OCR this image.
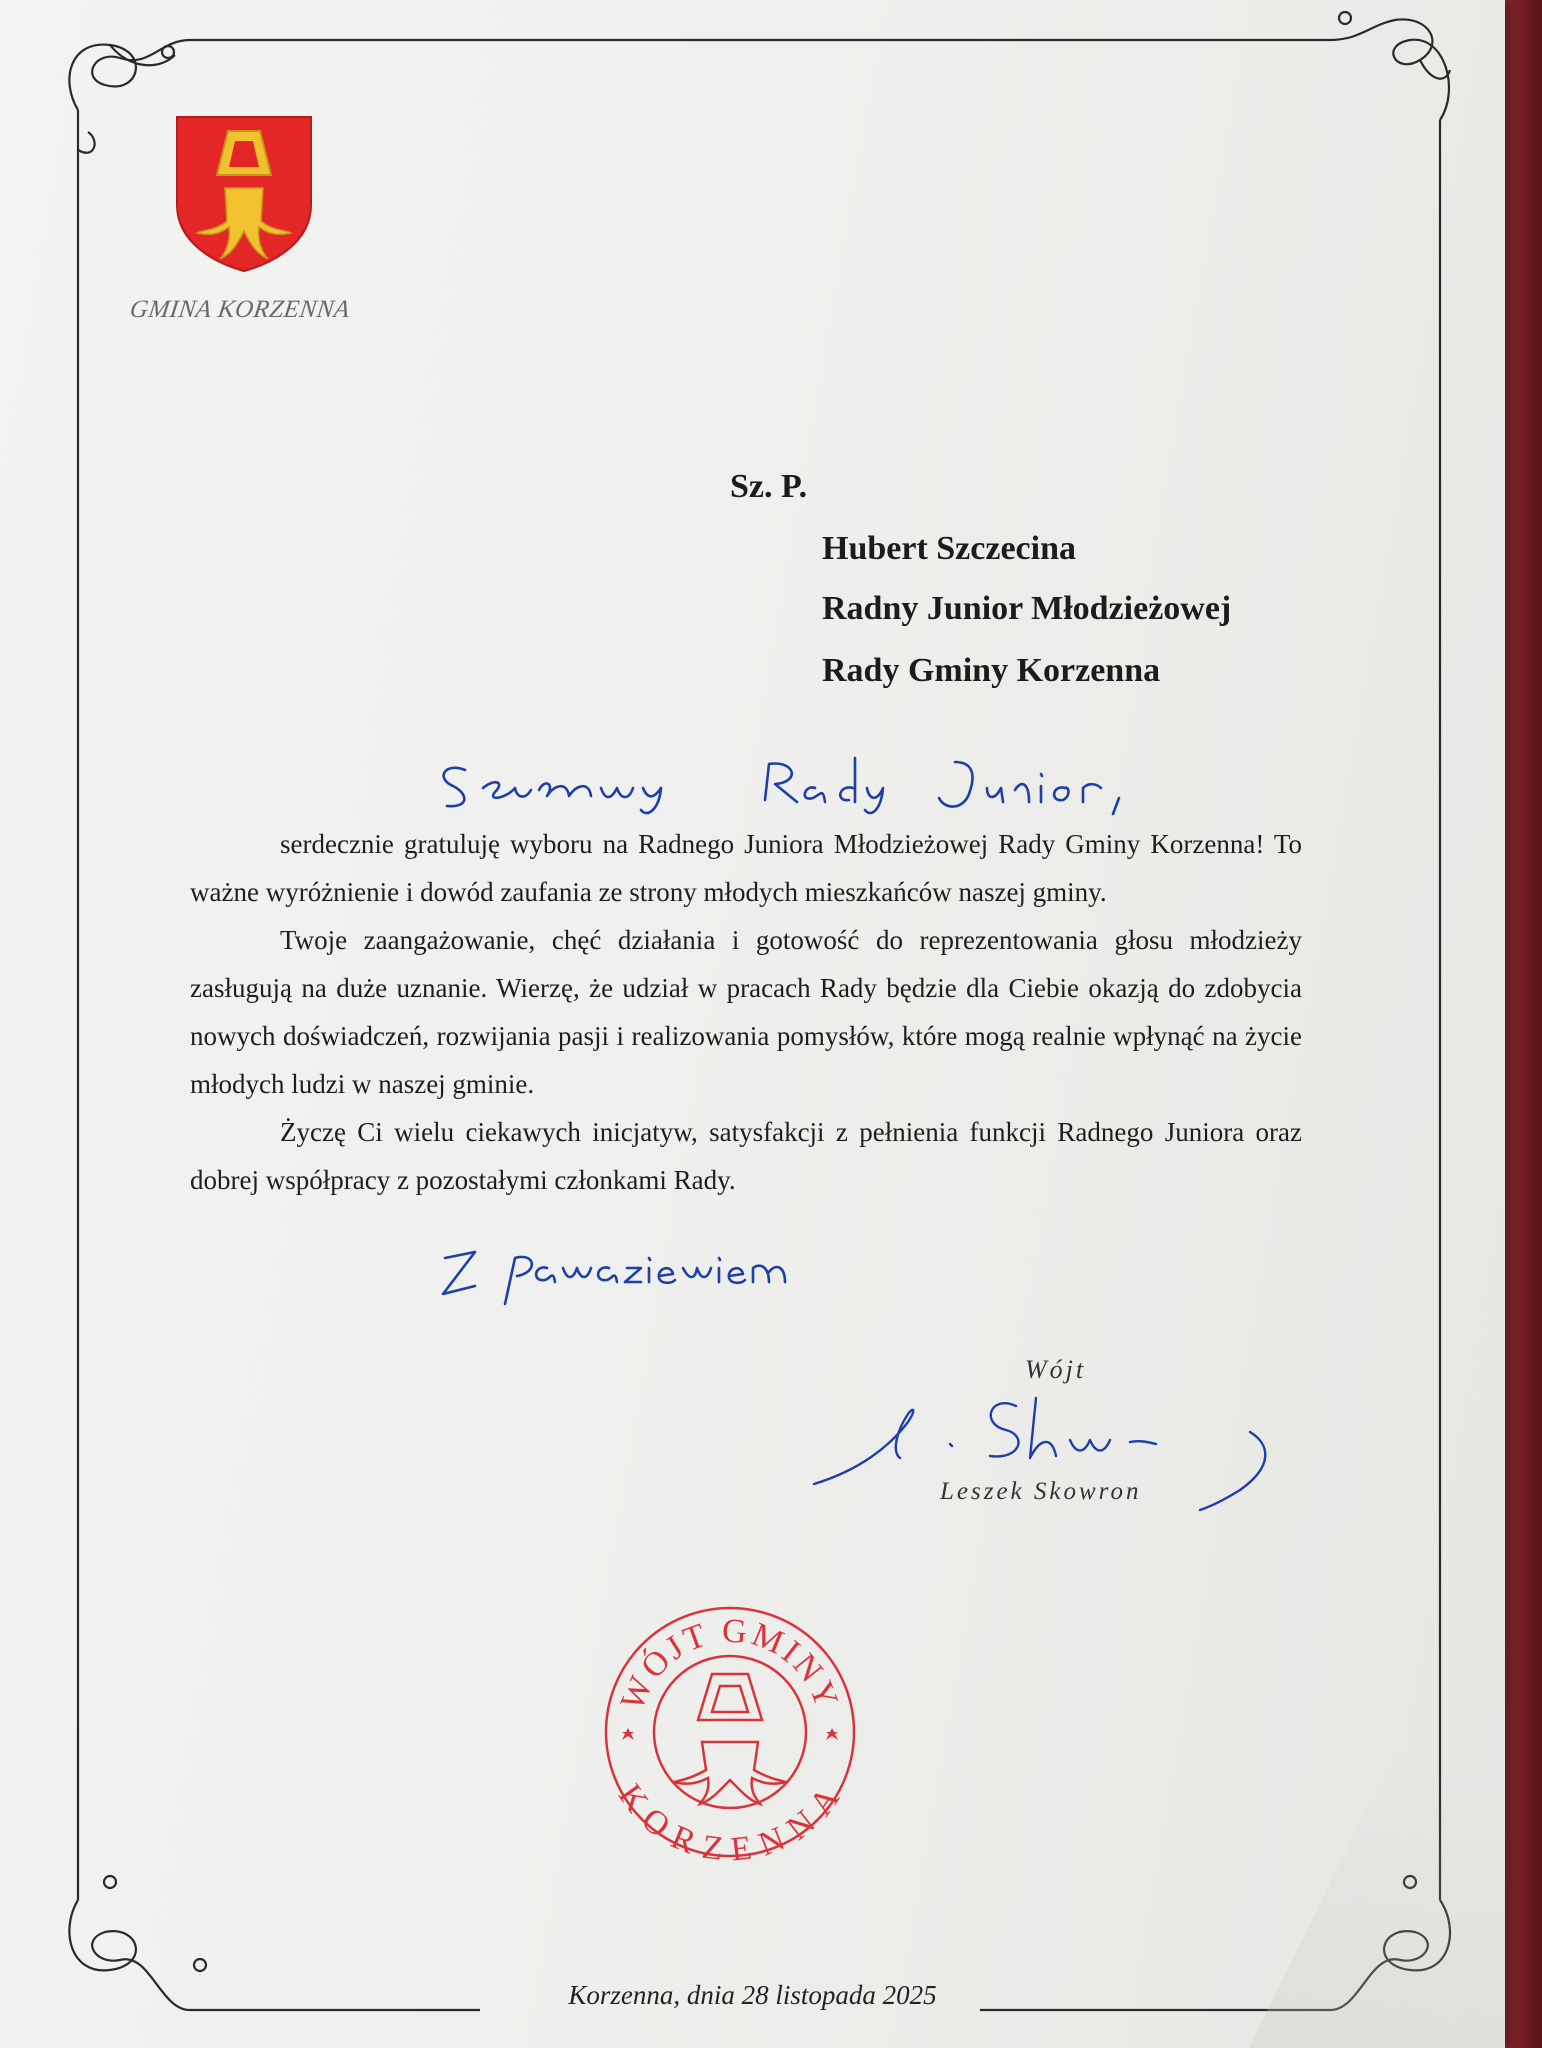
GMINA KORZENNA
Sz. P.
Hubert Szczecina
Radny Junior Młodzieżowej
Rady Gminy Korzenna

serdecznie gratuluję wyboru na Radnego Juniora Młodzieżowej Rady Gminy Korzenna! To ważne wyróżnienie i dowód zaufania ze strony młodych mieszkańców naszej gminy.

Twoje zaangażowanie, chęć działania i gotowość do reprezentowania głosu młodzieży zasługują na duże uznanie. Wierzę, że udział w pracach Rady będzie dla Ciebie okazją do zdobycia nowych doświadczeń, rozwijania pasji i realizowania pomysłów, które mogą realnie wpłynąć na życie młodych ludzi w naszej gminie.

Życzę Ci wielu ciekawych inicjatyw, satysfakcji z pełnienia funkcji Radnego Juniora oraz dobrej współpracy z pozostałymi członkami Rady.

Wójt
Leszek Skowron
WÓJT GMINY
KORZENNA
Korzenna, dnia 28 listopada 2025
